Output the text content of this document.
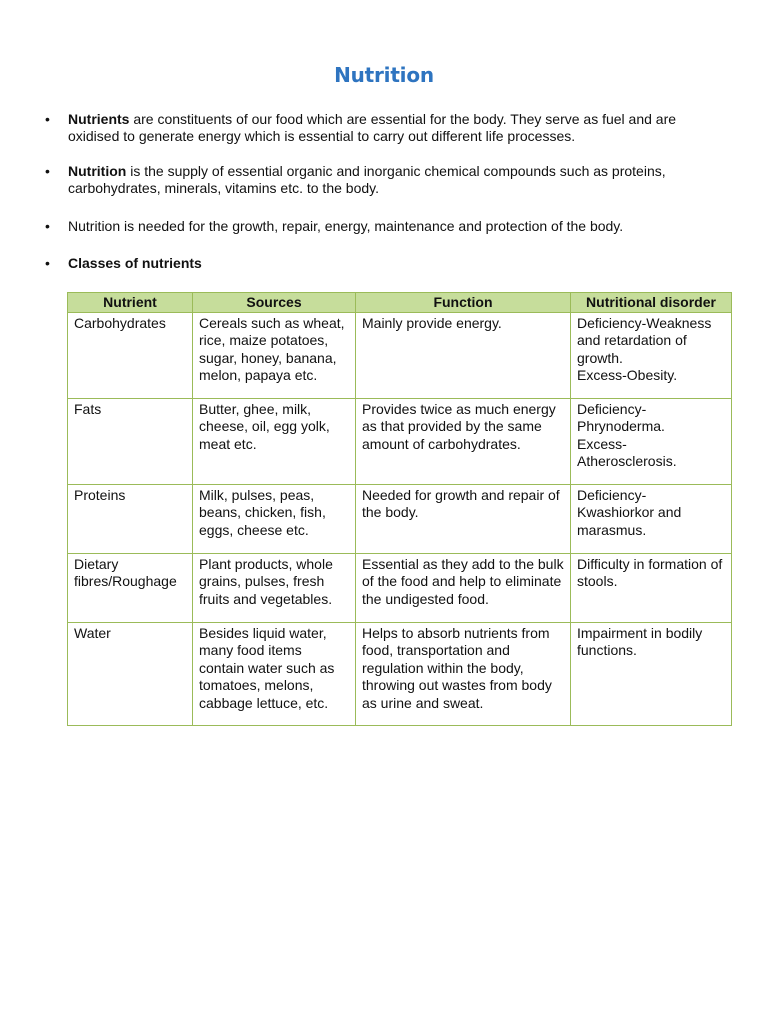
Nutrition
• Nutrients are constituents of our food which are essential for the body. They serve as fuel and are oxidised to generate energy which is essential to carry out different life processes.
• Nutrition is the supply of essential organic and inorganic chemical compounds such as proteins, carbohydrates, minerals, vitamins etc. to the body.
• Nutrition is needed for the growth, repair, energy, maintenance and protection of the body.
• Classes of nutrients
Nutrient	Sources	Function	Nutritional disorder
Carbohydrates	Cereals such as wheat, rice, maize potatoes, sugar, honey, banana, melon, papaya etc.	Mainly provide energy.	Deficiency-Weakness and retardation of growth.
Excess-Obesity.
Fats	Butter, ghee, milk, cheese, oil, egg yolk, meat etc.	Provides twice as much energy as that provided by the same amount of carbohydrates.	Deficiency-
Phrynoderma.
Excess-
Atherosclerosis.
Proteins	Milk, pulses, peas, beans, chicken, fish, eggs, cheese etc.	Needed for growth and repair of the body.	Deficiency-
Kwashiorkor and marasmus.
Dietary fibres/Roughage	Plant products, whole grains, pulses, fresh fruits and vegetables.	Essential as they add to the bulk of the food and help to eliminate the undigested food.	Difficulty in formation of stools.
Water	Besides liquid water, many food items contain water such as tomatoes, melons, cabbage lettuce, etc.	Helps to absorb nutrients from food, transportation and regulation within the body, throwing out wastes from body as urine and sweat.	Impairment in bodily functions.
